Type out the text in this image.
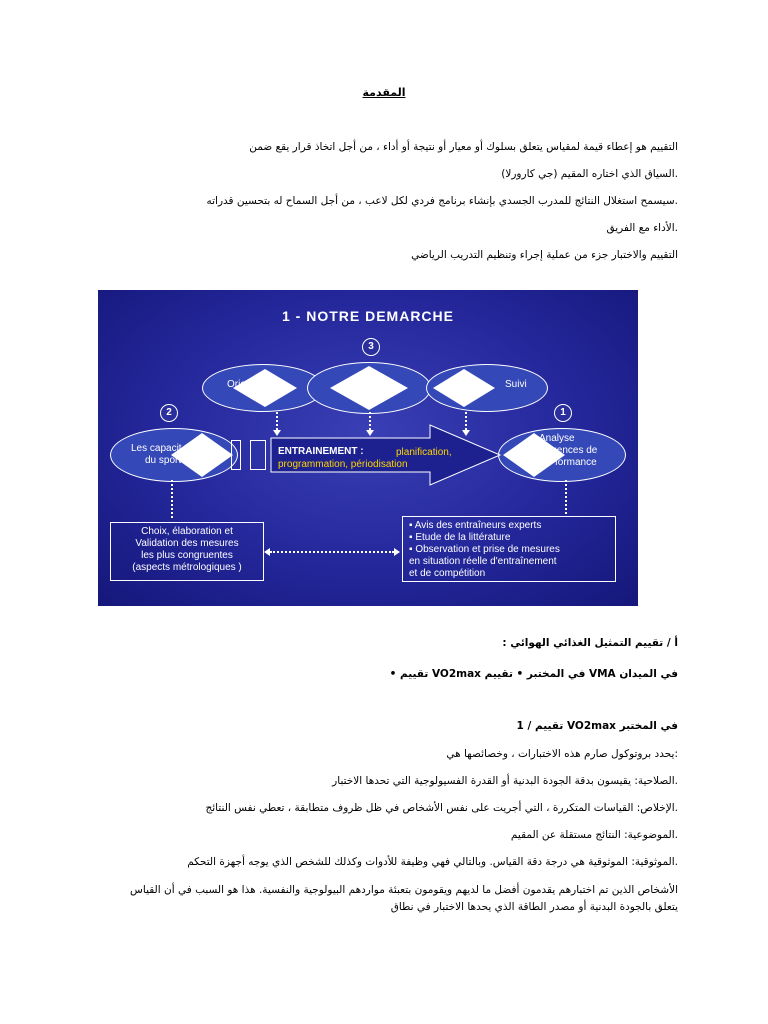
المقدمة
التقييم هو إعطاء قيمة لمقياس يتعلق بسلوك أو معيار أو نتيجة أو أداء ، من أجل اتخاذ قرار يقع ضمن
.السياق الذي اختاره المقيم (جي كارورلا)
.سيسمح استغلال النتائج للمدرب الجسدي بإنشاء برنامج فردي لكل لاعب ، من أجل السماح له بتحسين قدراته
.الأداء مع الفريق
التقييم والاختبار جزء من عملية إجراء وتنظيم التدريب الرياضي
1 - NOTRE DEMARCHE
3
2	1
Orient	Suivi
Les capacit
du sport
Analyse
igences de
formance
ENTRAINEMENT :	planification,
programmation, périodisation
Choix, élaboration et
Validation des mesures
les plus congruentes
(aspects métrologiques )
▪ Avis des entraîneurs experts
▪ Etude de la littérature
▪ Observation et prise de mesures
en situation réelle d'entraînement
et de compétition
أ / تقييم التمثيل الغذائي الهوائي :
في الميدان VMA في المختبر • تقييم VO2max تقييم •
في المختبر VO2max تقييم / 1
:يحدد بروتوكول صارم هذه الاختبارات ، وخصائصها هي
.الصلاحية: يقيسون بدقة الجودة البدنية أو القدرة الفسيولوجية التي تحدها الاختبار
.الإخلاص: القياسات المتكررة ، التي أجريت على نفس الأشخاص في ظل ظروف متطابقة ، تعطي نفس النتائج
.الموضوعية: النتائج مستقلة عن المقيم
.الموثوقية: الموثوقية هي درجة دقة القياس. وبالتالي فهي وظيفة للأدوات وكذلك للشخص الذي يوجه أجهزة التحكم
الأشخاص الذين تم اختبارهم يقدمون أفضل ما لديهم ويقومون بتعبئة مواردهم البيولوجية والنفسية. هذا هو السبب في أن القياس
يتعلق بالجودة البدنية أو مصدر الطاقة الذي يحدها الاختبار في نطاق
